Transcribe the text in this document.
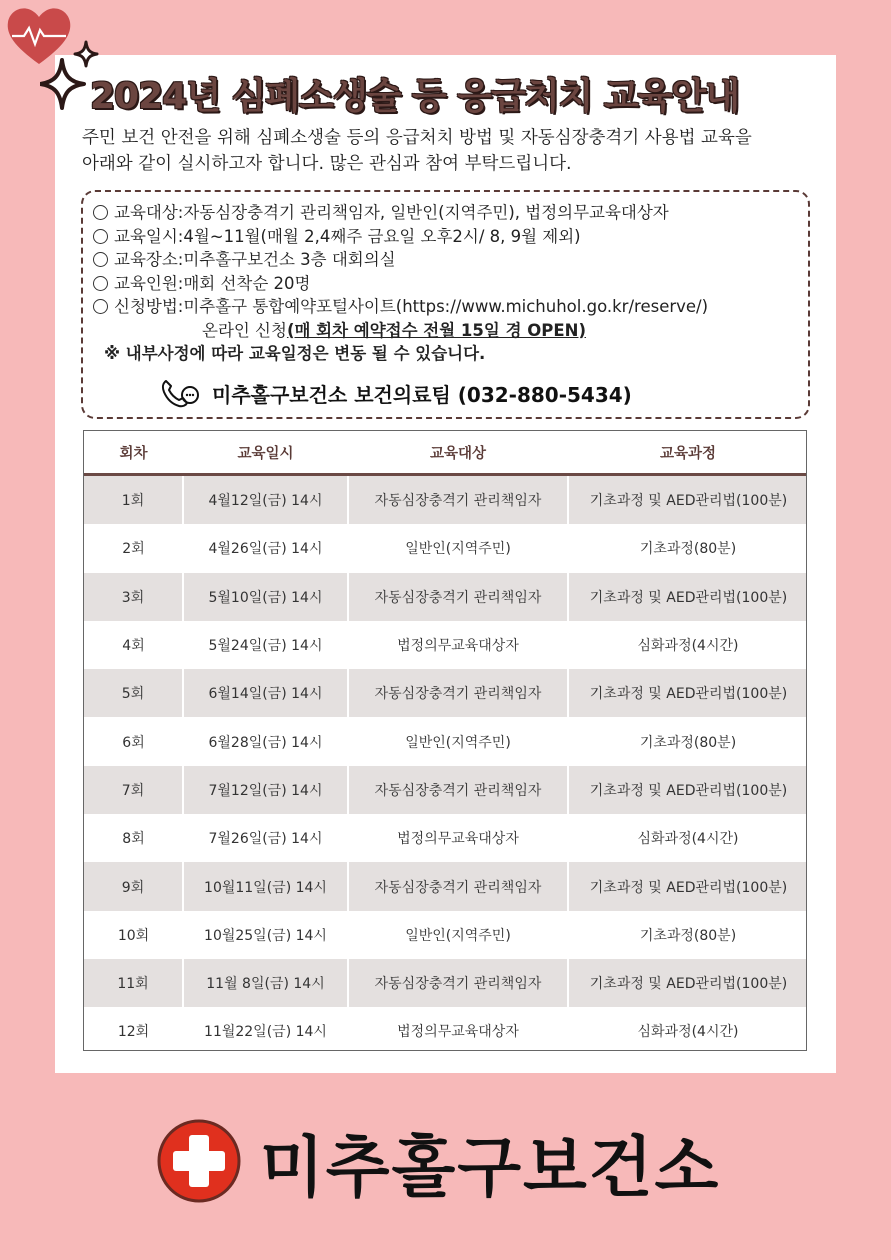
2024년 심폐소생술 등 응급처치 교육안내
주민 보건 안전을 위해 심폐소생술 등의 응급처치 방법 및 자동심장충격기 사용법 교육을
아래와 같이 실시하고자 합니다. 많은 관심과 참여 부탁드립니다.
교육대상: 자동심장충격기 관리책임자, 일반인(지역주민), 법정의무교육대상자
교육일시: 4월~11월(매월 2,4째주 금요일 오후2시/ 8, 9월 제외)
교육장소: 미추홀구보건소 3층 대회의실
교육인원: 매회 선착순 20명
신청방법: 미추홀구 통합예약포털사이트(https://www.michuhol.go.kr/reserve/)
온라인 신청 (매 회차 예약접수 전월 15일 경 OPEN)
※ 내부사정에 따라 교육일정은 변동 될 수 있습니다.
미추홀구보건소 보건의료팀 (032-880-5434)
회차	교육일시	교육대상	교육과정
1회	4월12일(금) 14시	자동심장충격기 관리책임자	기초과정 및 AED관리법(100분)
2회	4월26일(금) 14시	일반인(지역주민)	기초과정(80분)
3회	5월10일(금) 14시	자동심장충격기 관리책임자	기초과정 및 AED관리법(100분)
4회	5월24일(금) 14시	법정의무교육대상자	심화과정(4시간)
5회	6월14일(금) 14시	자동심장충격기 관리책임자	기초과정 및 AED관리법(100분)
6회	6월28일(금) 14시	일반인(지역주민)	기초과정(80분)
7회	7월12일(금) 14시	자동심장충격기 관리책임자	기초과정 및 AED관리법(100분)
8회	7월26일(금) 14시	법정의무교육대상자	심화과정(4시간)
9회	10월11일(금) 14시	자동심장충격기 관리책임자	기초과정 및 AED관리법(100분)
10회	10월25일(금) 14시	일반인(지역주민)	기초과정(80분)
11회	11월 8일(금) 14시	자동심장충격기 관리책임자	기초과정 및 AED관리법(100분)
12회	11월22일(금) 14시	법정의무교육대상자	심화과정(4시간)
미추홀구보건소
